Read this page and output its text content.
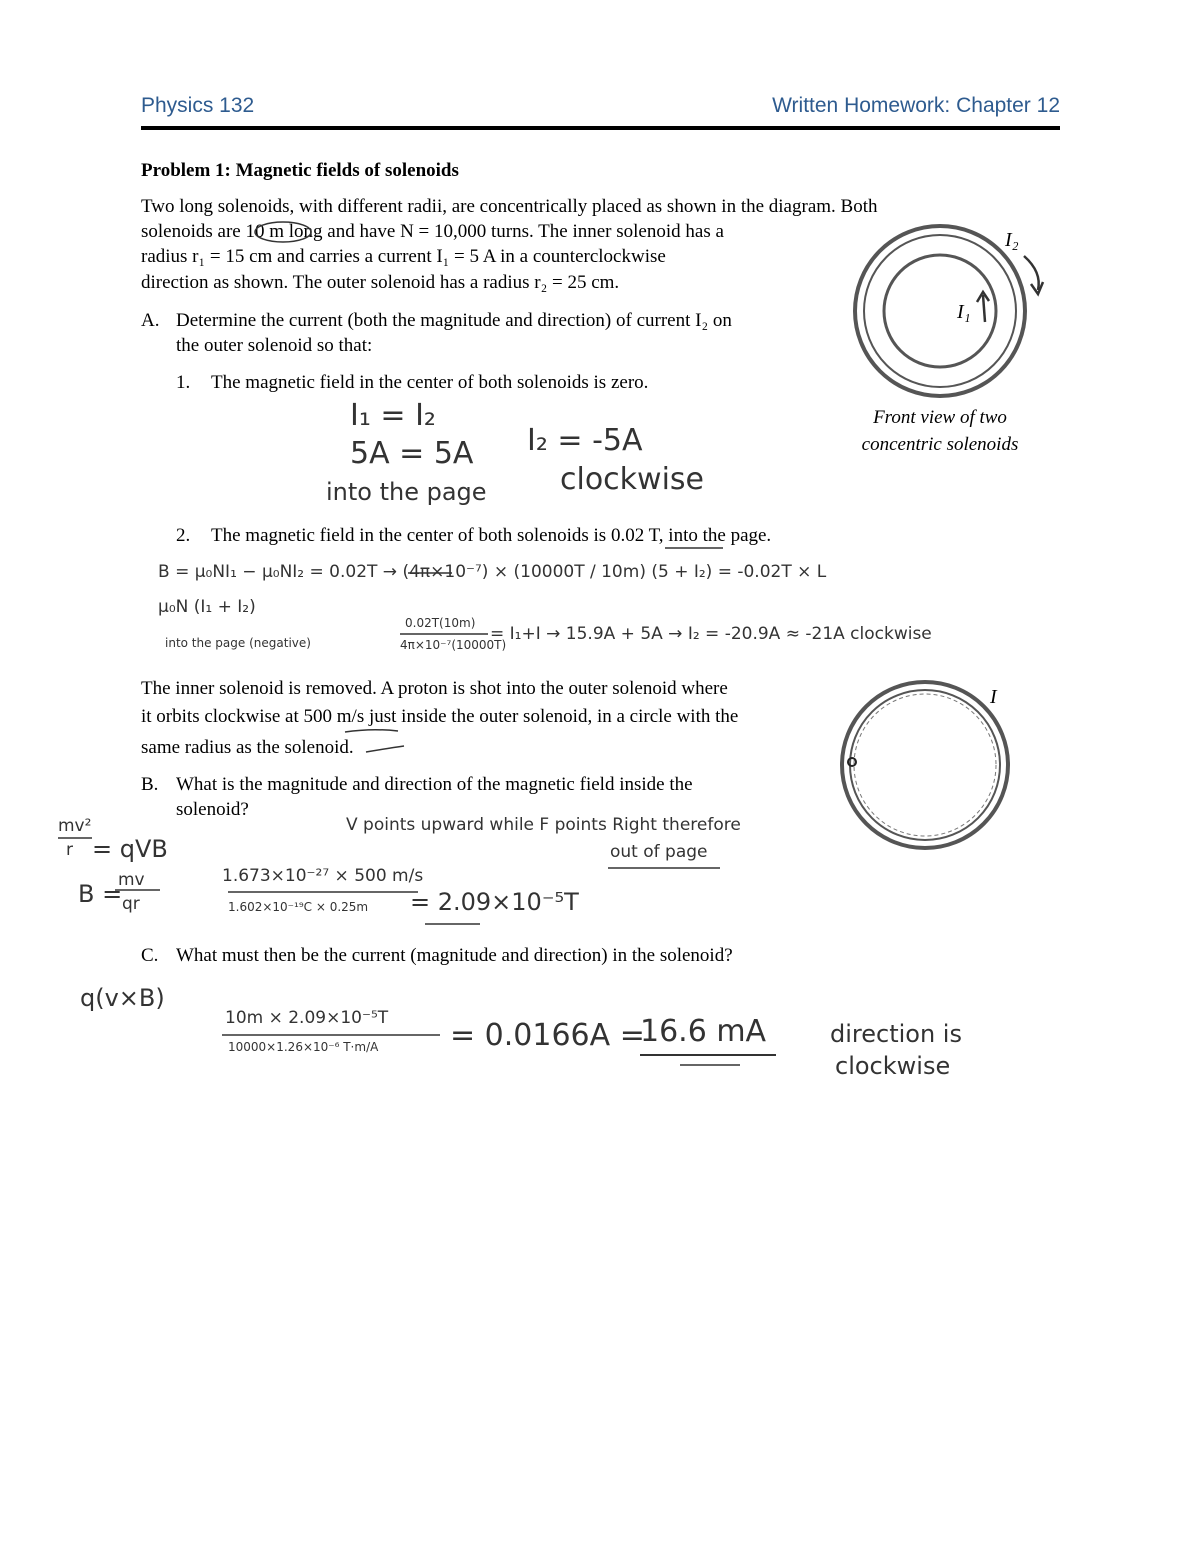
Physics 132	Written Homework: Chapter 12
Problem 1: Magnetic fields of solenoids
Two long solenoids, with different radii, are concentrically placed as shown in the diagram. Both
solenoids are 10 m long and have N = 10,000 turns. The inner solenoid has a
radius r₁ = 15 cm and carries a current I₁ = 5 A in a counterclockwise
direction as shown. The outer solenoid has a radius r₂ = 25 cm.
A. Determine the current (both the magnitude and direction) of current I₂ on
the outer solenoid so that:
1. The magnetic field in the center of both solenoids is zero.
I₂
I₁
Front view of two
concentric solenoids
I₁ = I₂
5A = 5A
into the page
I₂ = -5A
clockwise
2. The magnetic field in the center of both solenoids is 0.02 T, into the page.
B = μ₀NI₁ − μ₀NI₂ = 0.02T → (4π×10⁻⁷) × (10000T / 10m) (5 + I₂) = -0.02T × L
μ₀N (I₁ + I₂)
into the page (negative)
0.02T(10m)
4π×10⁻⁷(10000T)
= I₁+I → 15.9A + 5A → I₂ = -20.9A ≈ -21A clockwise
The inner solenoid is removed. A proton is shot into the outer solenoid where
it orbits clockwise at 500 m/s just inside the outer solenoid, in a circle with the
same radius as the solenoid.
I
B. What is the magnitude and direction of the magnetic field inside the
solenoid?
mv²
r = qVB
B =
mv
qr
1.673×10⁻²⁷ × 500 m/s
1.602×10⁻¹⁹C × 0.25m = 2.09×10⁻⁵T
V points upward while F points Right therefore
out of page
C. What must then be the current (magnitude and direction) in the solenoid?
q(v×B)
10m × 2.09×10⁻⁵T
10000×1.26×10⁻⁶ T·m/A = 0.0166A =
16.6 mA	direction is
clockwise
